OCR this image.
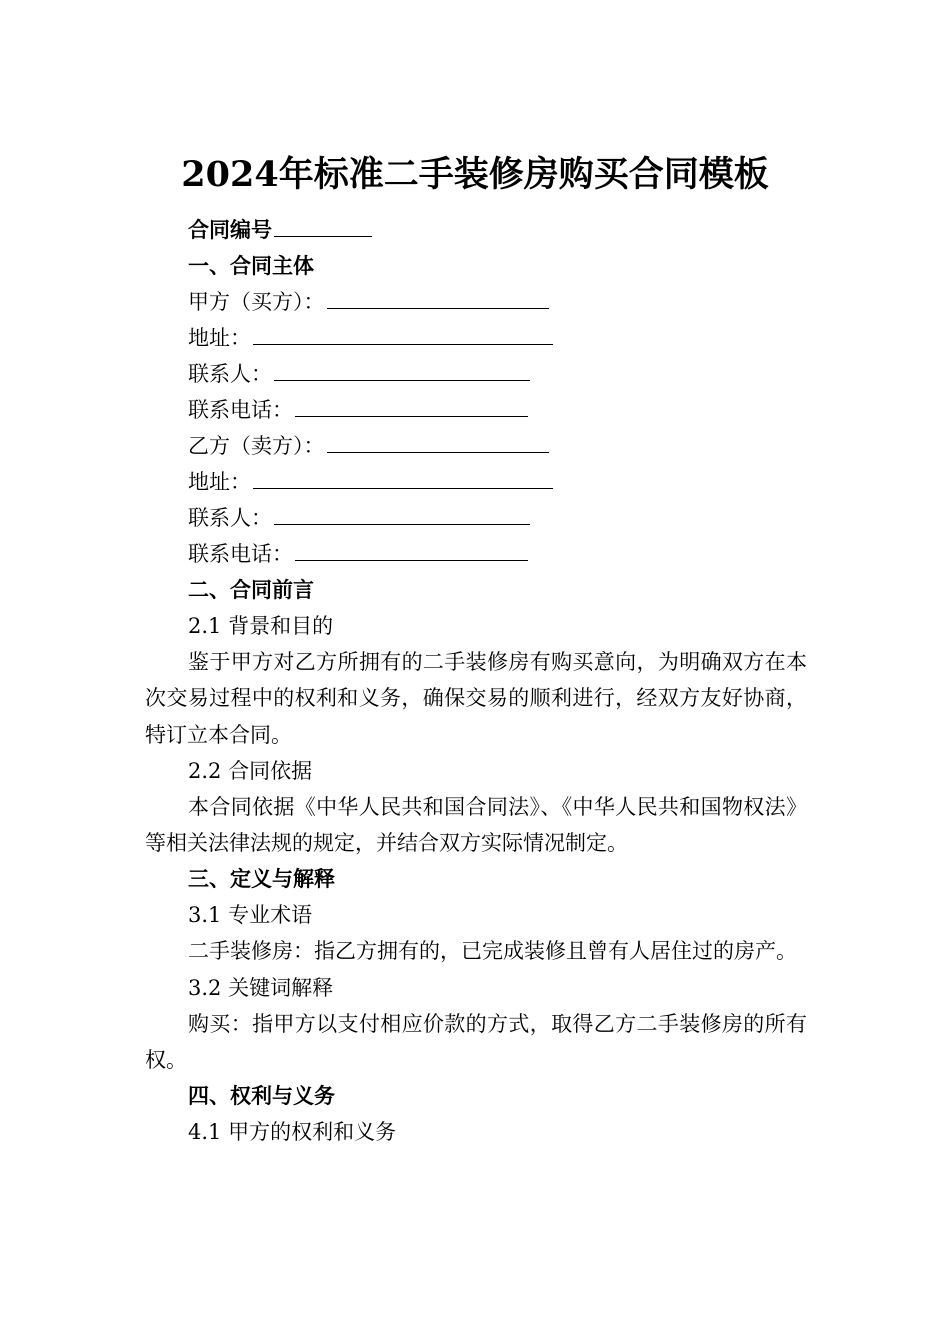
2024年标准二手装修房购买合同模板
合同编号
一、合同主体
甲方（买方）：
地址：
联系人：
联系电话：
乙方（卖方）：
地址：
联系人：
联系电话：
二、合同前言
2.1 背景和目的

鉴于甲方对乙方所拥有的二手装修房有购买意向，为明确双方在本次交易过程中的权利和义务，确保交易的顺利进行，经双方友好协商，特订立本合同。

2.2 合同依据

本合同依据《中华人民共和国合同法》、《中华人民共和国物权法》等相关法律法规的规定，并结合双方实际情况制定。

三、定义与解释
3.1 专业术语

二手装修房：指乙方拥有的，已完成装修且曾有人居住过的房产。

3.2 关键词解释

购买：指甲方以支付相应价款的方式，取得乙方二手装修房的所有权。

四、权利与义务
4.1 甲方的权利和义务
